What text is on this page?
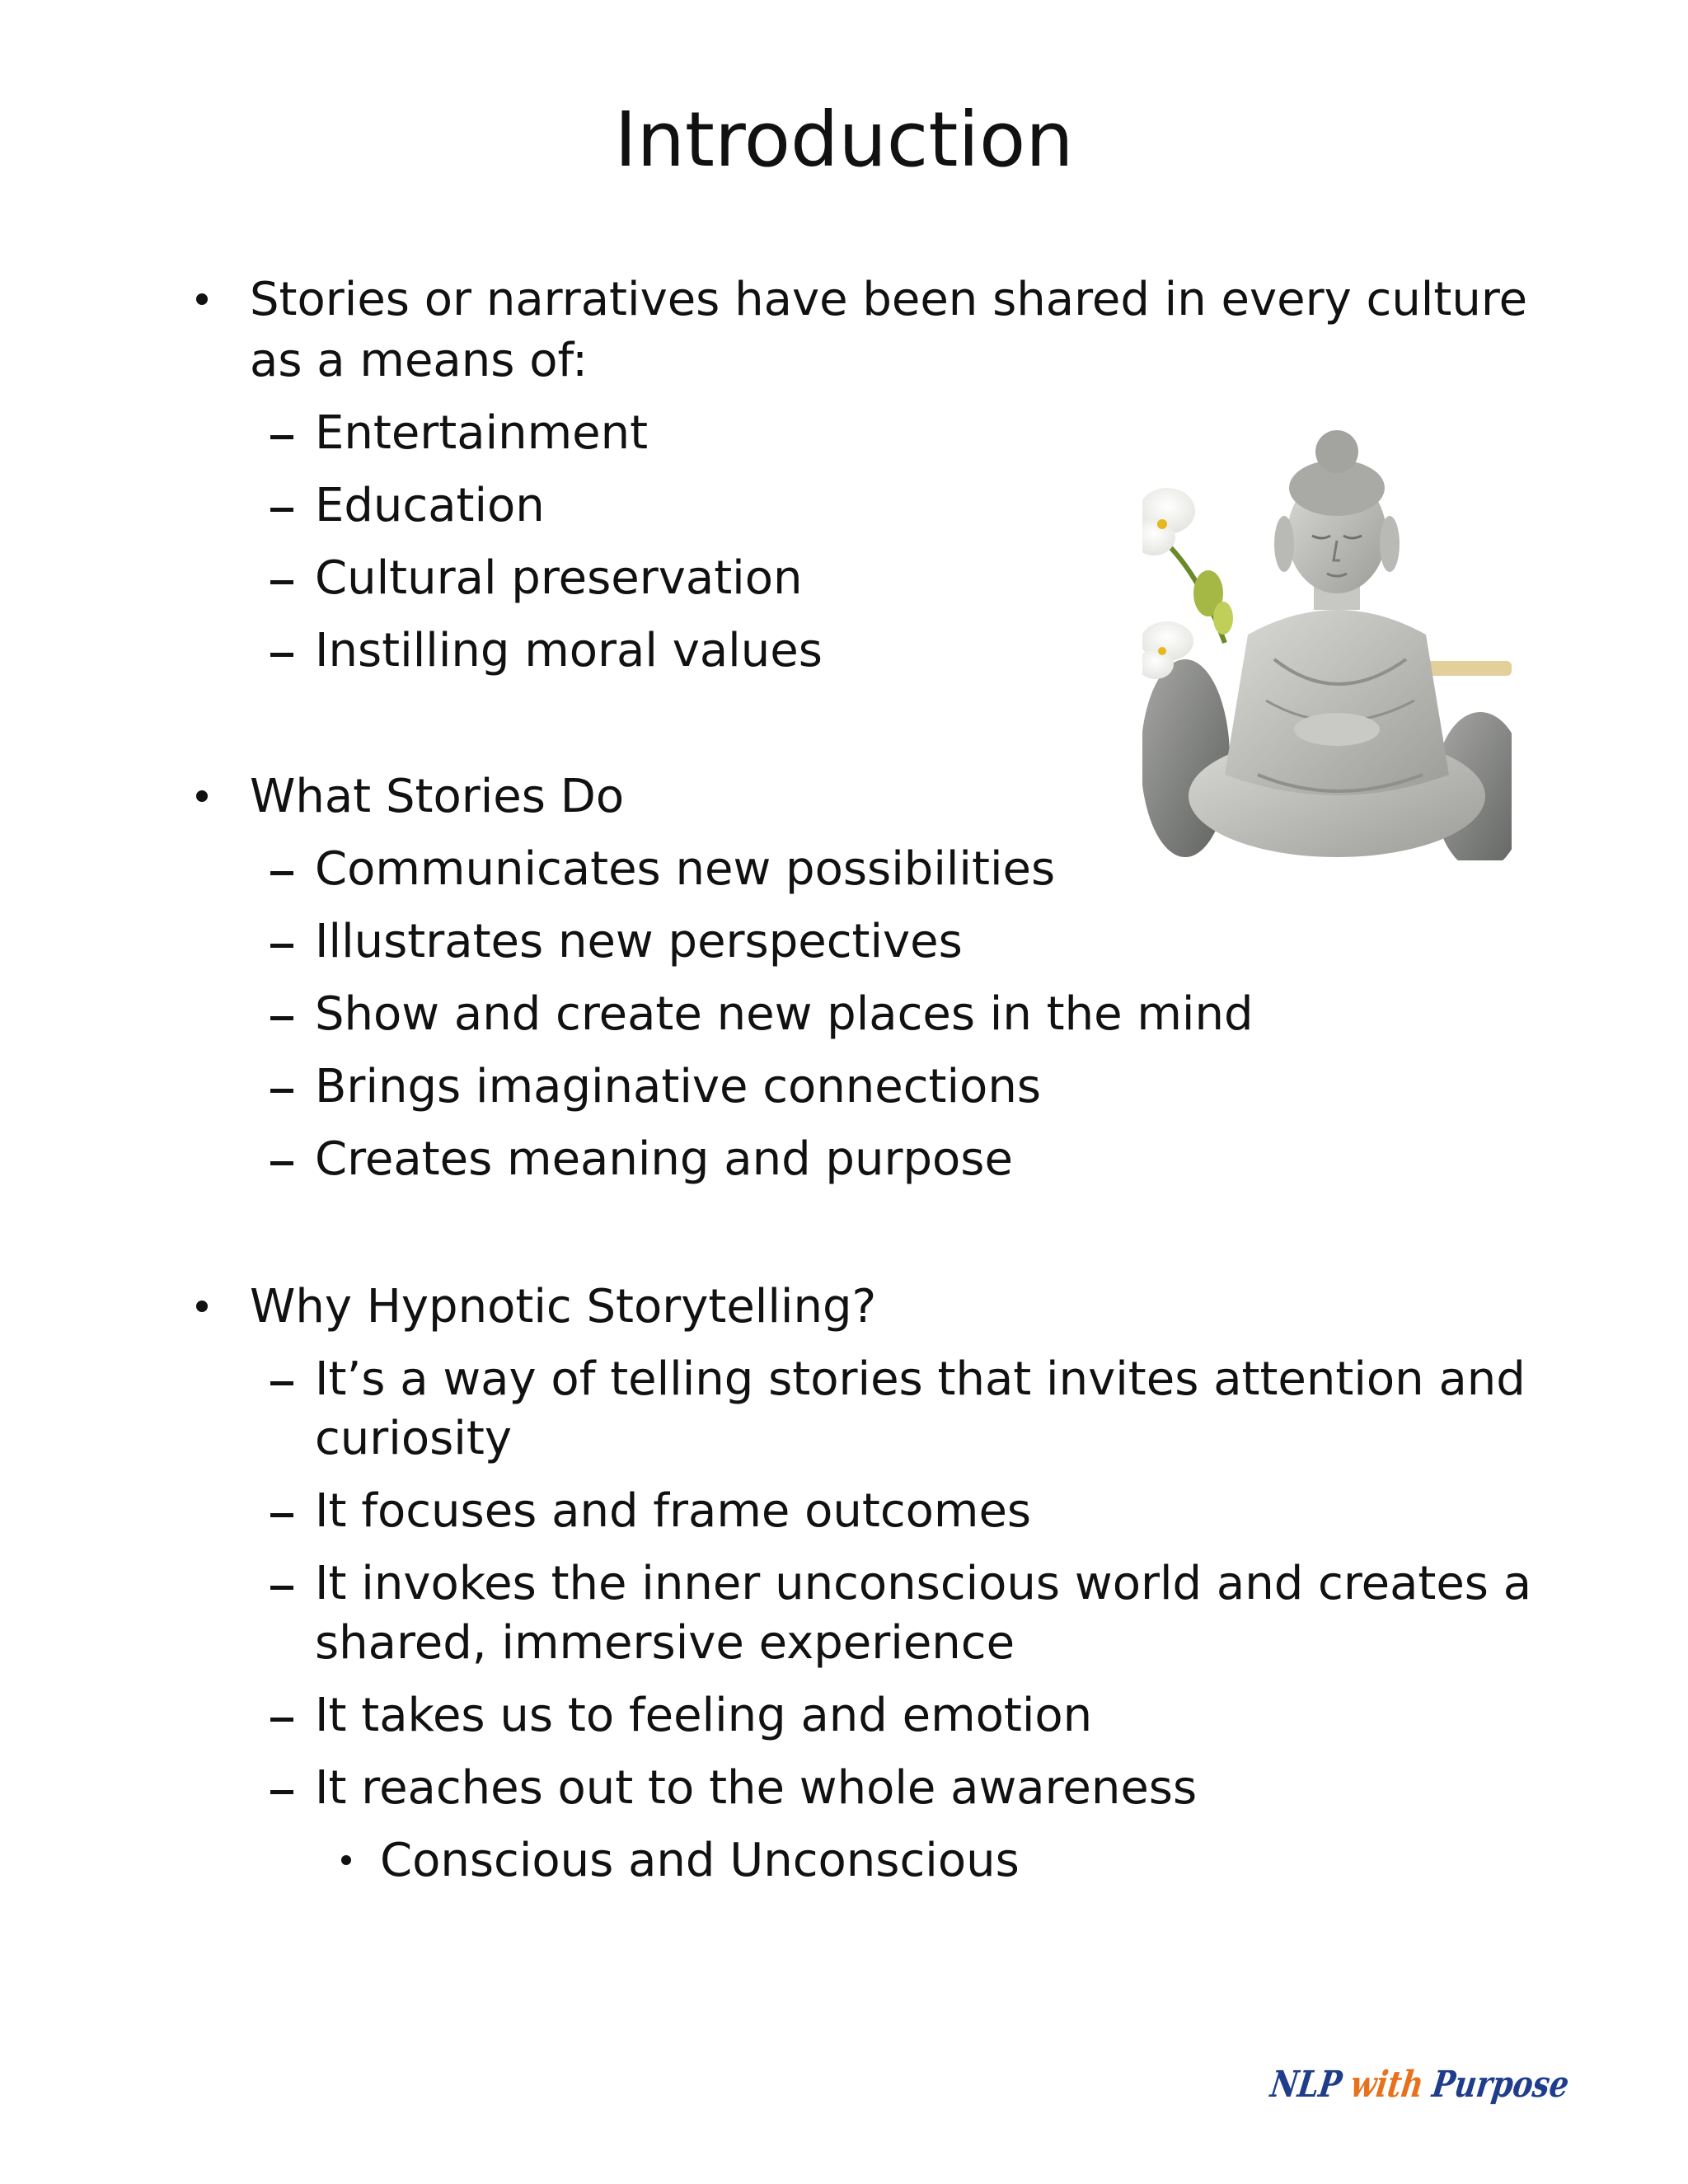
Introduction
Stories or narratives have been shared in every culture
as a means of:
Entertainment
Education
Cultural preservation
Instilling moral values
What Stories Do
Communicates new possibilities
Illustrates new perspectives
Show and create new places in the mind
Brings imaginative connections
Creates meaning and purpose
Why Hypnotic Storytelling?
It’s a way of telling stories that invites attention and
curiosity
It focuses and frame outcomes
It invokes the inner unconscious world and creates a
shared, immersive experience
It takes us to feeling and emotion
It reaches out to the whole awareness
Conscious and Unconscious
NLP with Purpose
